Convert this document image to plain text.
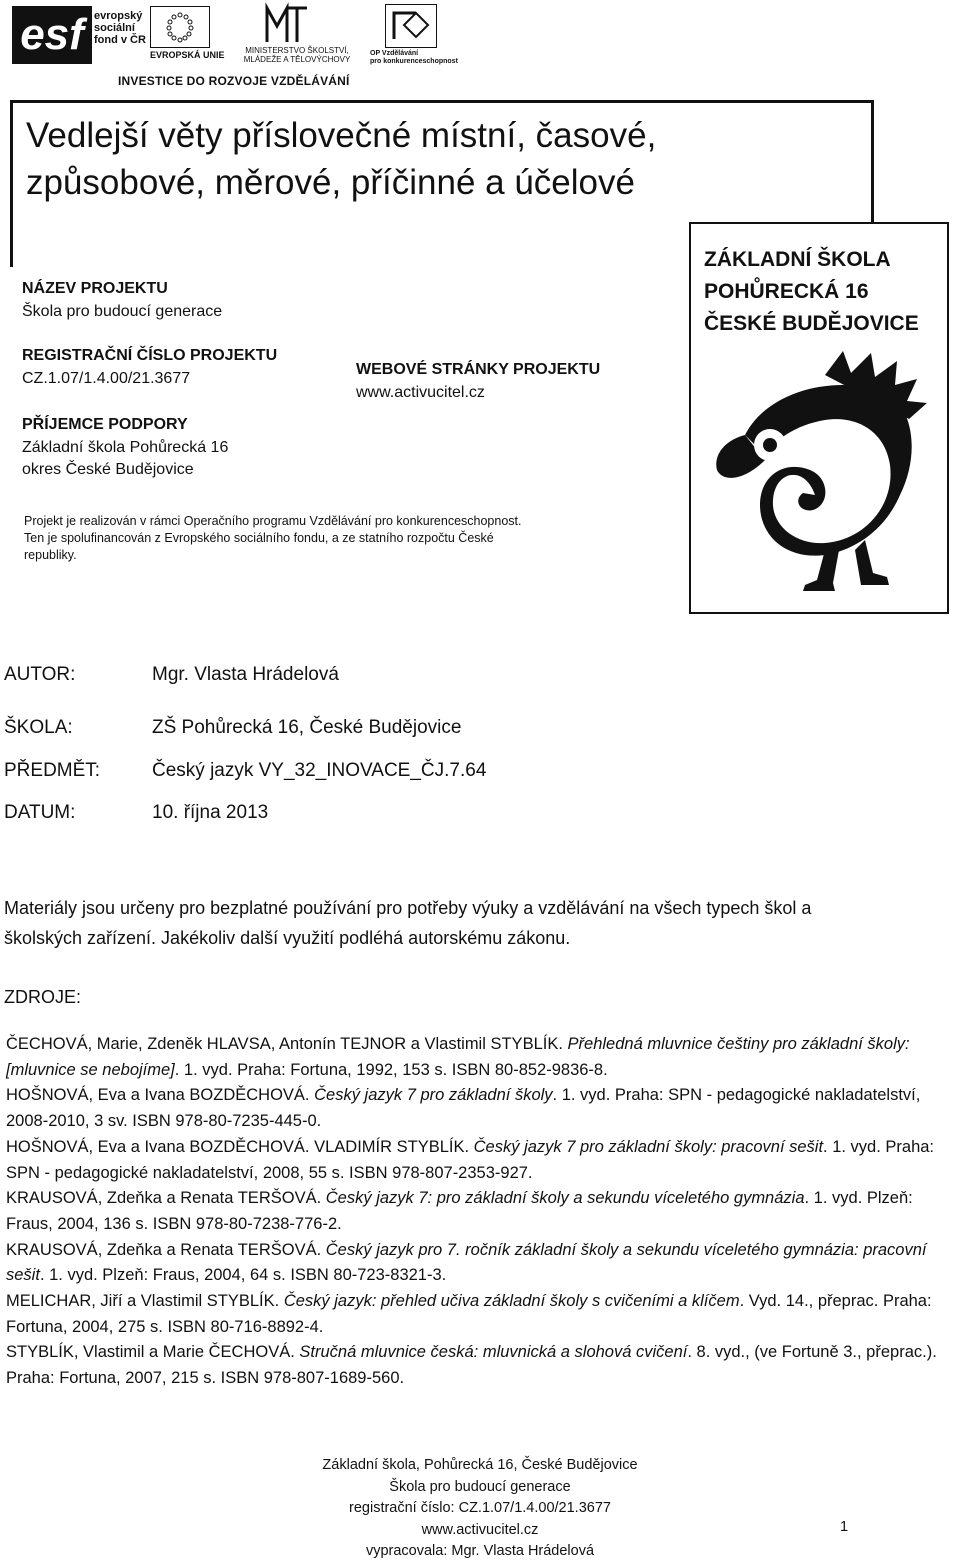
esf evropský
sociální
fond v ČR
EVROPSKÁ UNIE	MINISTERSTVO ŠKOLSTVÍ,
MLÁDEŽE A TĚLOVÝCHOVY
OP Vzdělávání
pro konkurenceschopnost
INVESTICE DO ROZVOJE VZDĚLÁVÁNÍ
Vedlejší věty příslovečné místní, časové,
způsobové, měrové, příčinné a účelové
NÁZEV PROJEKTU
Škola pro budoucí generace
REGISTRAČNÍ ČÍSLO PROJEKTU
CZ.1.07/1.4.00/21.3677
WEBOVÉ STRÁNKY PROJEKTU
www.activucitel.cz
PŘÍJEMCE PODPORY
Základní škola Pohůrecká 16
okres České Budějovice
Projekt je realizován v rámci Operačního programu Vzdělávání pro konkurenceschopnost.
Ten je spolufinancován z Evropského sociálního fondu, a ze statního rozpočtu České
republiky.
ZÁKLADNÍ ŠKOLA
POHŮRECKÁ 16
ČESKÉ BUDĚJOVICE
AUTOR:	Mgr. Vlasta Hrádelová
ŠKOLA:	ZŠ Pohůrecká 16, České Budějovice
PŘEDMĚT:	Český jazyk VY_32_INOVACE_ČJ.7.64
DATUM:	10. října 2013
Materiály jsou určeny pro bezplatné používání pro potřeby výuky a vzdělávání na všech typech škol a
školských zařízení. Jakékoliv další využití podléhá autorskému zákonu.
ZDROJE:

ČECHOVÁ, Marie, Zdeněk HLAVSA, Antonín TEJNOR a Vlastimil STYBLÍK. Přehledná mluvnice češtiny pro základní školy: [mluvnice se nebojíme]. 1. vyd. Praha: Fortuna, 1992, 153 s. ISBN 80-852-9836-8.

HOŠNOVÁ, Eva a Ivana BOZDĚCHOVÁ. Český jazyk 7 pro základní školy. 1. vyd. Praha: SPN - pedagogické nakladatelství, 2008-2010, 3 sv. ISBN 978-80-7235-445-0.

HOŠNOVÁ, Eva a Ivana BOZDĚCHOVÁ. VLADIMÍR STYBLÍK. Český jazyk 7 pro základní školy: pracovní sešit. 1. vyd. Praha: SPN - pedagogické nakladatelství, 2008, 55 s. ISBN 978-807-2353-927.

KRAUSOVÁ, Zdeňka a Renata TERŠOVÁ. Český jazyk 7: pro základní školy a sekundu víceletého gymnázia. 1. vyd. Plzeň: Fraus, 2004, 136 s. ISBN 978-80-7238-776-2.

KRAUSOVÁ, Zdeňka a Renata TERŠOVÁ. Český jazyk pro 7. ročník základní školy a sekundu víceletého gymnázia: pracovní sešit. 1. vyd. Plzeň: Fraus, 2004, 64 s. ISBN 80-723-8321-3.

MELICHAR, Jiří a Vlastimil STYBLÍK. Český jazyk: přehled učiva základní školy s cvičeními a klíčem. Vyd. 14., přeprac. Praha: Fortuna, 2004, 275 s. ISBN 80-716-8892-4.

STYBLÍK, Vlastimil a Marie ČECHOVÁ. Stručná mluvnice česká: mluvnická a slohová cvičení. 8. vyd., (ve Fortuně 3., přeprac.). Praha: Fortuna, 2007, 215 s. ISBN 978-807-1689-560.

Základní škola, Pohůrecká 16, České Budějovice
Škola pro budoucí generace
registrační číslo: CZ.1.07/1.4.00/21.3677
www.activucitel.cz
vypracovala: Mgr. Vlasta Hrádelová
1
